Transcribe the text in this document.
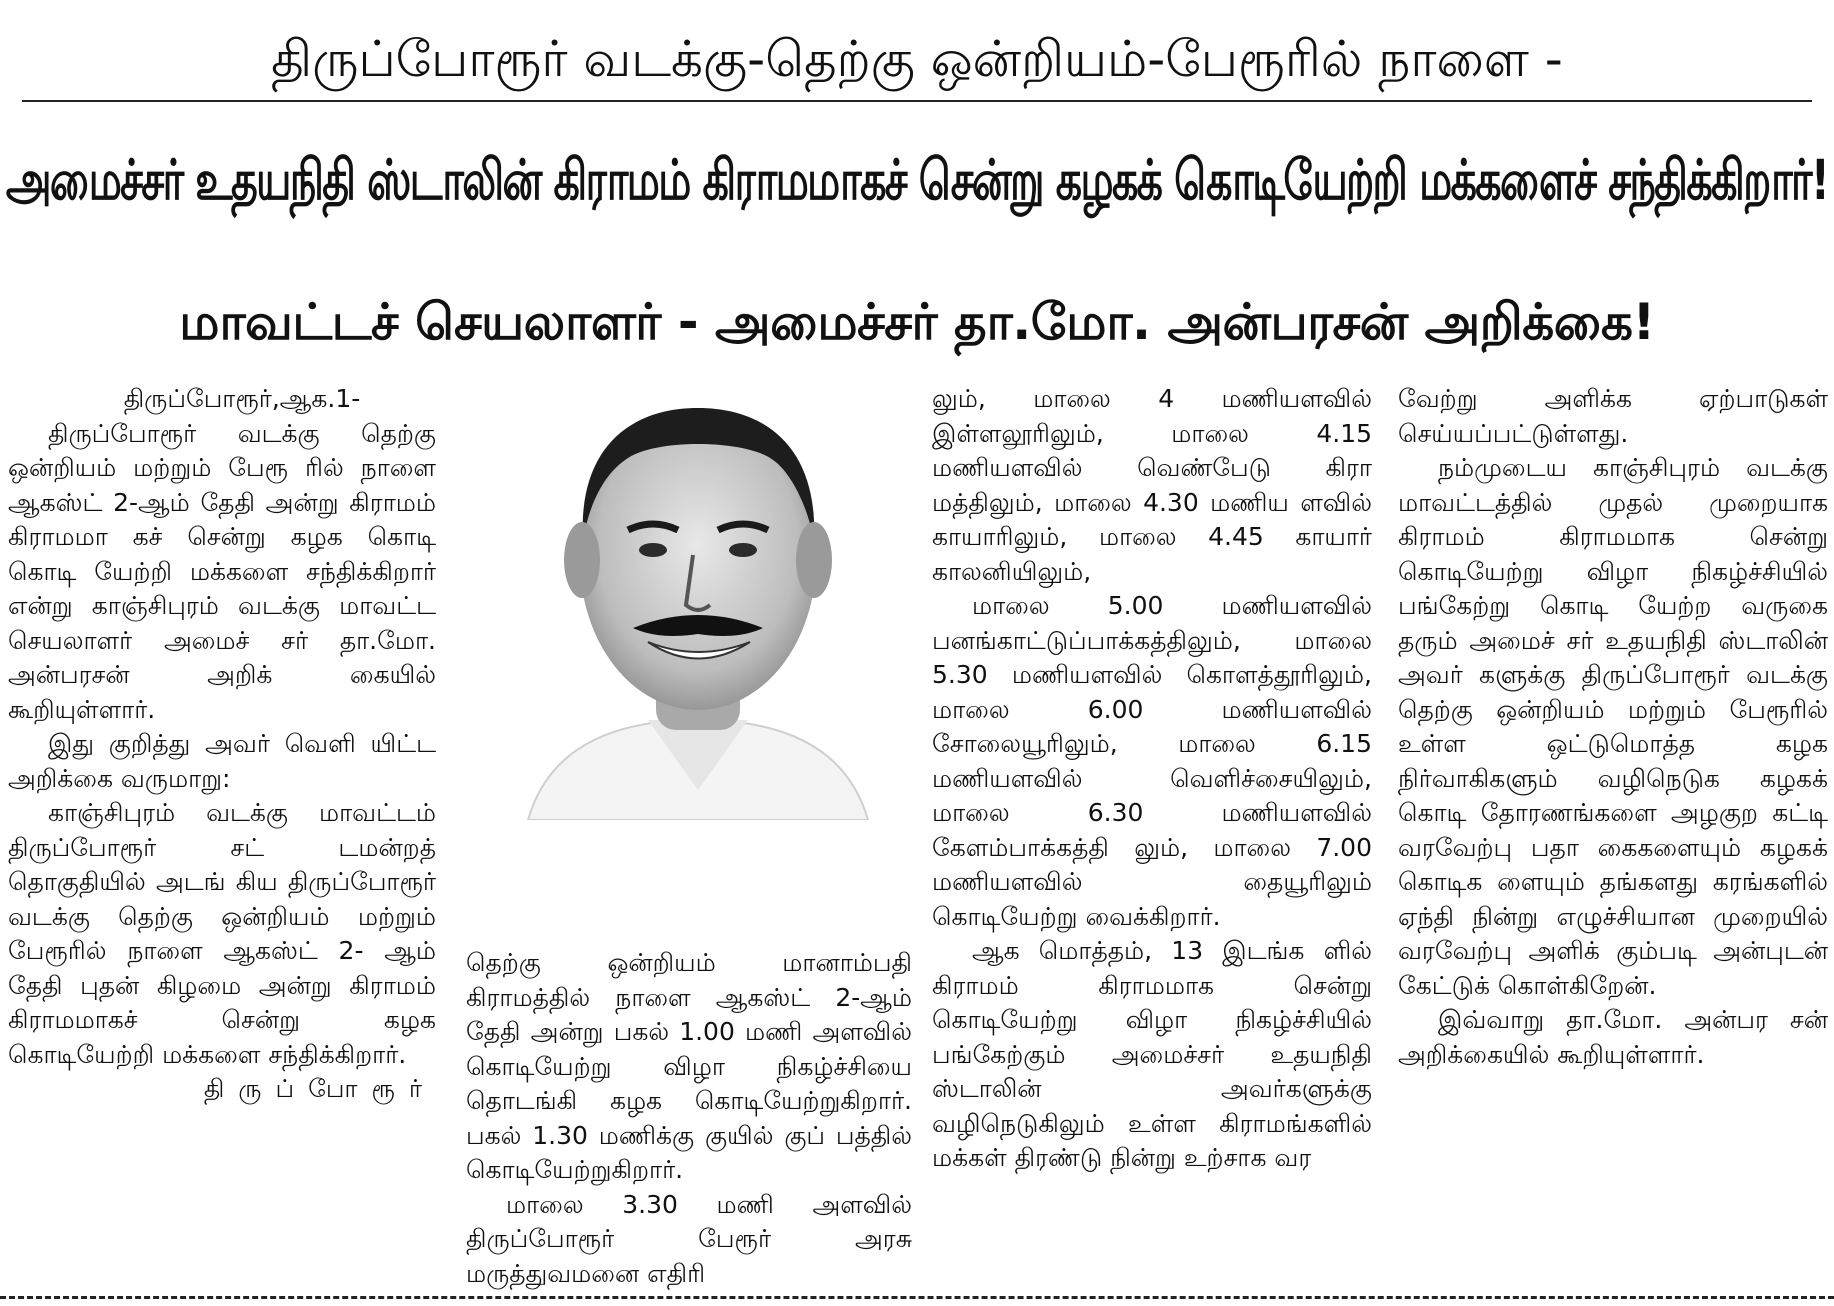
திருப்போரூர் வடக்கு-தெற்கு ஒன்றியம்-பேரூரில் நாளை -
அமைச்சர் உதயநிதி ஸ்டாலின் கிராமம் கிராமமாகச் சென்று கழகக் கொடியேற்றி மக்களைச் சந்திக்கிறார்!
மாவட்டச் செயலாளர் - அமைச்சர் தா.மோ. அன்பரசன் அறிக்கை!

திருப்போரூர்,ஆக.1-

திருப்போரூர் வடக்கு தெற்கு ஒன்றியம் மற்றும் பேரூ ரில் நாளை ஆகஸ்ட் 2-ஆம் தேதி அன்று கிராமம் கிராமமா கச் சென்று கழக கொடி கொடி யேற்றி மக்களை சந்திக்கிறார் என்று காஞ்சிபுரம் வடக்கு மாவட்ட செயலாளர் அமைச் சர் தா.மோ. அன்பரசன் அறிக் கையில் கூறியுள்ளார்.

இது குறித்து அவர் வெளி யிட்ட அறிக்கை வருமாறு:

காஞ்சிபுரம் வடக்கு மாவட்டம் திருப்போரூர் சட் டமன்றத் தொகுதியில் அடங் கிய திருப்போரூர் வடக்கு தெற்கு ஒன்றியம் மற்றும் பேரூரில் நாளை ஆகஸ்ட் 2- ஆம் தேதி புதன் கிழமை அன்று கிராமம் கிராமமாகச் சென்று கழக கொடியேற்றி மக்களை சந்திக்கிறார்.

திருப்போரூர்

தெற்கு ஒன்றியம் மானாம்பதி கிராமத்தில் நாளை ஆகஸ்ட் 2-ஆம் தேதி அன்று பகல் 1.00 மணி அளவில் கொடியேற்று விழா நிகழ்ச்சியை தொடங்கி கழக கொடியேற்றுகிறார். பகல் 1.30 மணிக்கு குயில் குப் பத்தில் கொடியேற்றுகிறார்.

மாலை 3.30 மணி அளவில் திருப்போரூர் பேரூர் அரசு மருத்துவமனை எதிரி

லும், மாலை 4 மணியளவில் இள்ளலூரிலும், மாலை 4.15 மணியளவில் வெண்பேடு கிரா மத்திலும், மாலை 4.30 மணிய ளவில் காயாரிலும், மாலை 4.45 காயார் காலனியிலும்,

மாலை 5.00 மணியளவில் பனங்காட்டுப்பாக்கத்திலும், மாலை 5.30 மணியளவில் கொளத்தூரிலும், மாலை 6.00 மணியளவில் சோலையூரிலும், மாலை 6.15 மணியளவில் வெளிச்சையிலும், மாலை 6.30 மணியளவில் கேளம்பாக்கத்தி லும், மாலை 7.00 மணியளவில் தையூரிலும் கொடியேற்று வைக்கிறார்.

ஆக மொத்தம், 13 இடங்க ளில் கிராமம் கிராமமாக சென்று கொடியேற்று விழா நிகழ்ச்சியில் பங்கேற்கும் அமைச்சர் உதயநிதி ஸ்டாலின் அவர்களுக்கு வழிநெடுகிலும் உள்ள கிராமங்களில் மக்கள் திரண்டு நின்று உற்சாக வர

வேற்று அளிக்க ஏற்பாடுகள் செய்யப்பட்டுள்ளது.

நம்முடைய காஞ்சிபுரம் வடக்கு மாவட்டத்தில் முதல் முறையாக கிராமம் கிராமமாக சென்று கொடியேற்று விழா நிகழ்ச்சியில் பங்கேற்று கொடி யேற்ற வருகை தரும் அமைச் சர் உதயநிதி ஸ்டாலின் அவர் களுக்கு திருப்போரூர் வடக்கு தெற்கு ஒன்றியம் மற்றும் பேரூரில் உள்ள ஒட்டுமொத்த கழக நிர்வாகிகளும் வழிநெடுக கழகக் கொடி தோரணங்களை அழகுற கட்டி வரவேற்பு பதா கைகளையும் கழகக் கொடிக ளையும் தங்களது கரங்களில் ஏந்தி நின்று எழுச்சியான முறையில் வரவேற்பு அளிக் கும்படி அன்புடன் கேட்டுக் கொள்கிறேன்.

இவ்வாறு தா.மோ. அன்பர சன் அறிக்கையில் கூறியுள்ளார்.
